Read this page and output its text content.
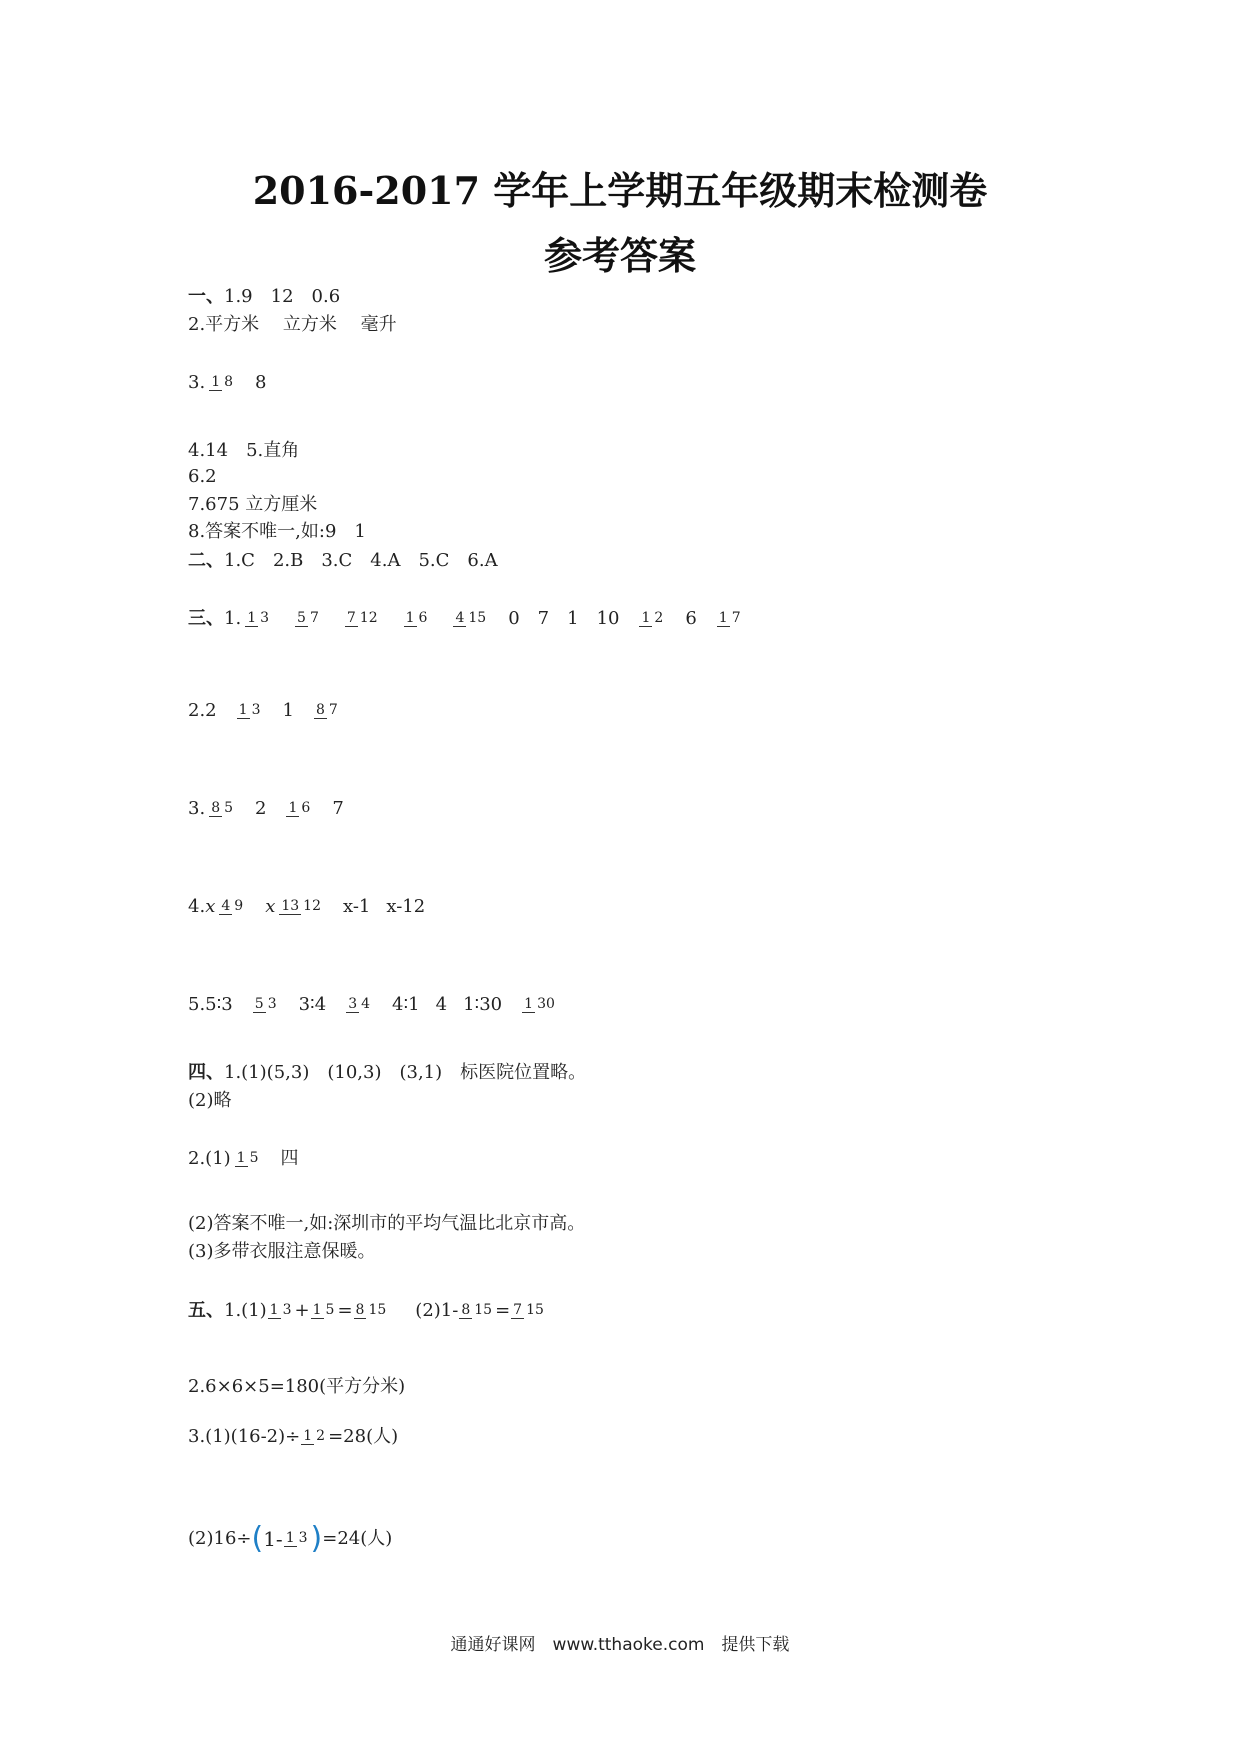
2016-2017 学年上学期五年级期末检测卷
参考答案
一、 1.9　12　0.6
2.平方米　 立方米　 毫升
3. 1 8 8
4.14　5.直角
6.2
7.675 立方厘米
8.答案不唯一,如:9　1
二、 1.C　2.B　3.C　4.A　5.C　6.A
三、 1. 1 3 5 7 7 12 1 6 4 15 0　7　1　10 1 2 6 1 7
2.2 1 3 1 8 7
3. 8 5 2 1 6 7
4. x 4 9 x 13 12 x-1 x-12
5.5∶3 5 3 3∶4 3 4 4∶1 4 1∶30 1 30
四、 1.(1)(5,3)　(10,3)　(3,1)　标医院位置略。
(2)略
2.(1) 1 5 四
(2)答案不唯一,如:深圳市的平均气温比北京市高。
(3)多带衣服注意保暖。
五、 1.(1) 1 3 + 1 5 = 8 15 (2)1- 8 15 = 7 15
2.6×6×5=180(平方分米)
3.(1)(16-2)÷ 1 2 =28(人)
(2)16÷ ( 1- 1 3 ) =24(人)
通通好课网　www.tthaoke.com　提供下载
